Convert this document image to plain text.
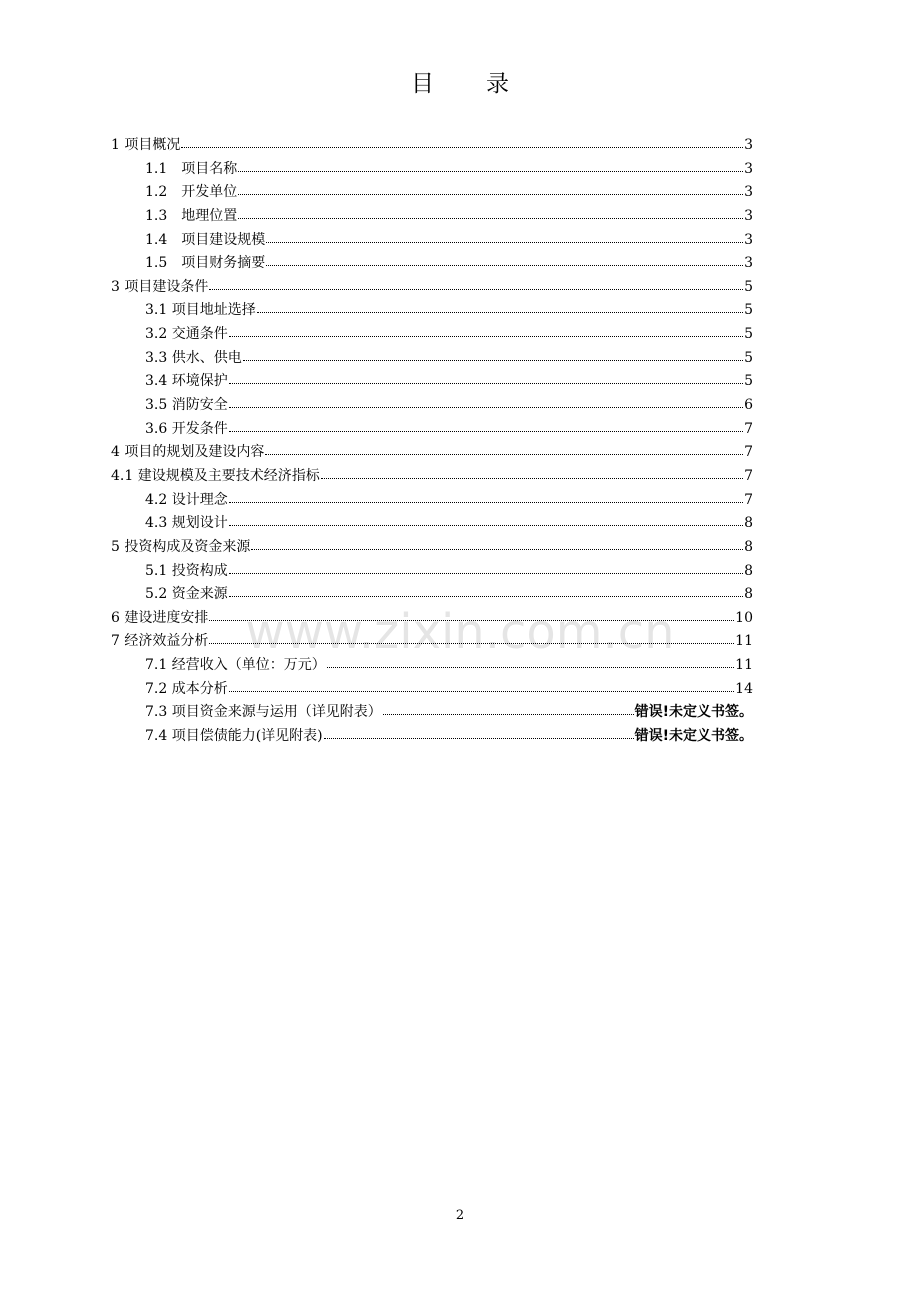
目 录
1 项目概况	3
1.1　项目名称	3
1.2　开发单位	3
1.3　地理位置	3
1.4　项目建设规模	3
1.5　项目财务摘要	3
3 项目建设条件	5
3.1 项目地址选择	5
3.2 交通条件	5
3.3 供水、供电	5
3.4 环境保护	5
3.5 消防安全	6
3.6 开发条件	7
4 项目的规划及建设内容	7
4.1 建设规模及主要技术经济指标	7
4.2 设计理念	7
4.3 规划设计	8
5 投资构成及资金来源	8
5.1 投资构成	8
5.2 资金来源	8
6 建设进度安排	10
7 经济效益分析	11
7.1 经营收入（单位：万元）	11
7.2 成本分析	14
7.3 项目资金来源与运用（详见附表）	错误!未定义书签。
7.4 项目偿债能力(详见附表)	错误!未定义书签。
www.zixin.com.cn
2
